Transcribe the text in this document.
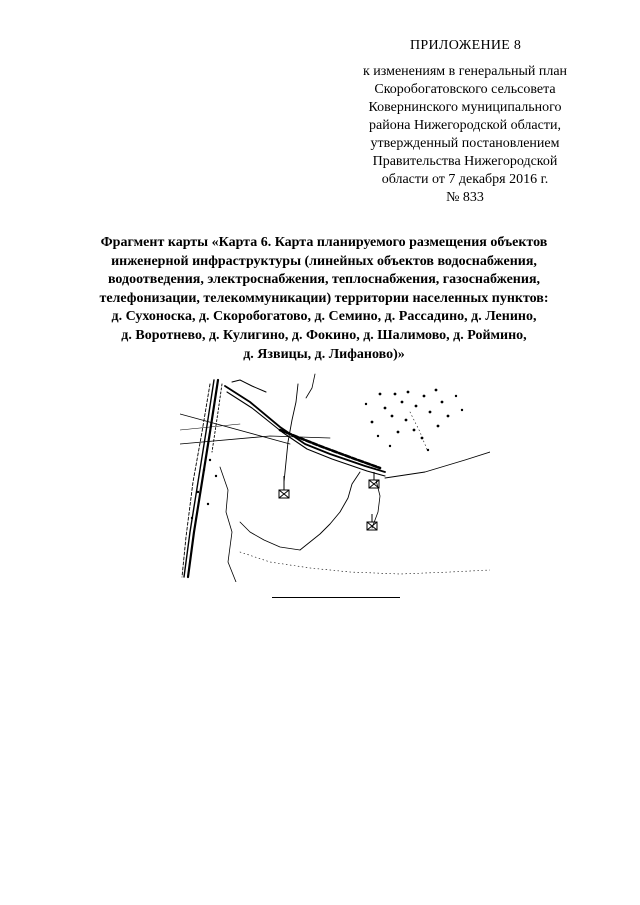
ПРИЛОЖЕНИЕ 8
к изменениям в генеральный план
Скоробогатовского сельсовета
Ковернинского муниципального
района Нижегородской области,
утвержденный постановлением
Правительства Нижегородской
области от 7 декабря 2016 г.
№ 833
Фрагмент карты «Карта 6. Карта планируемого размещения объектов
инженерной инфраструктуры (линейных объектов водоснабжения,
водоотведения, электроснабжения, теплоснабжения, газоснабжения,
телефонизации, телекоммуникации) территории населенных пунктов:
д. Сухоноска, д. Скоробогатово, д. Семино, д. Рассадино, д. Ленино,
д. Воротнево, д. Кулигино, д. Фокино, д. Шалимово, д. Роймино,
д. Язвицы, д. Лифаново)»
